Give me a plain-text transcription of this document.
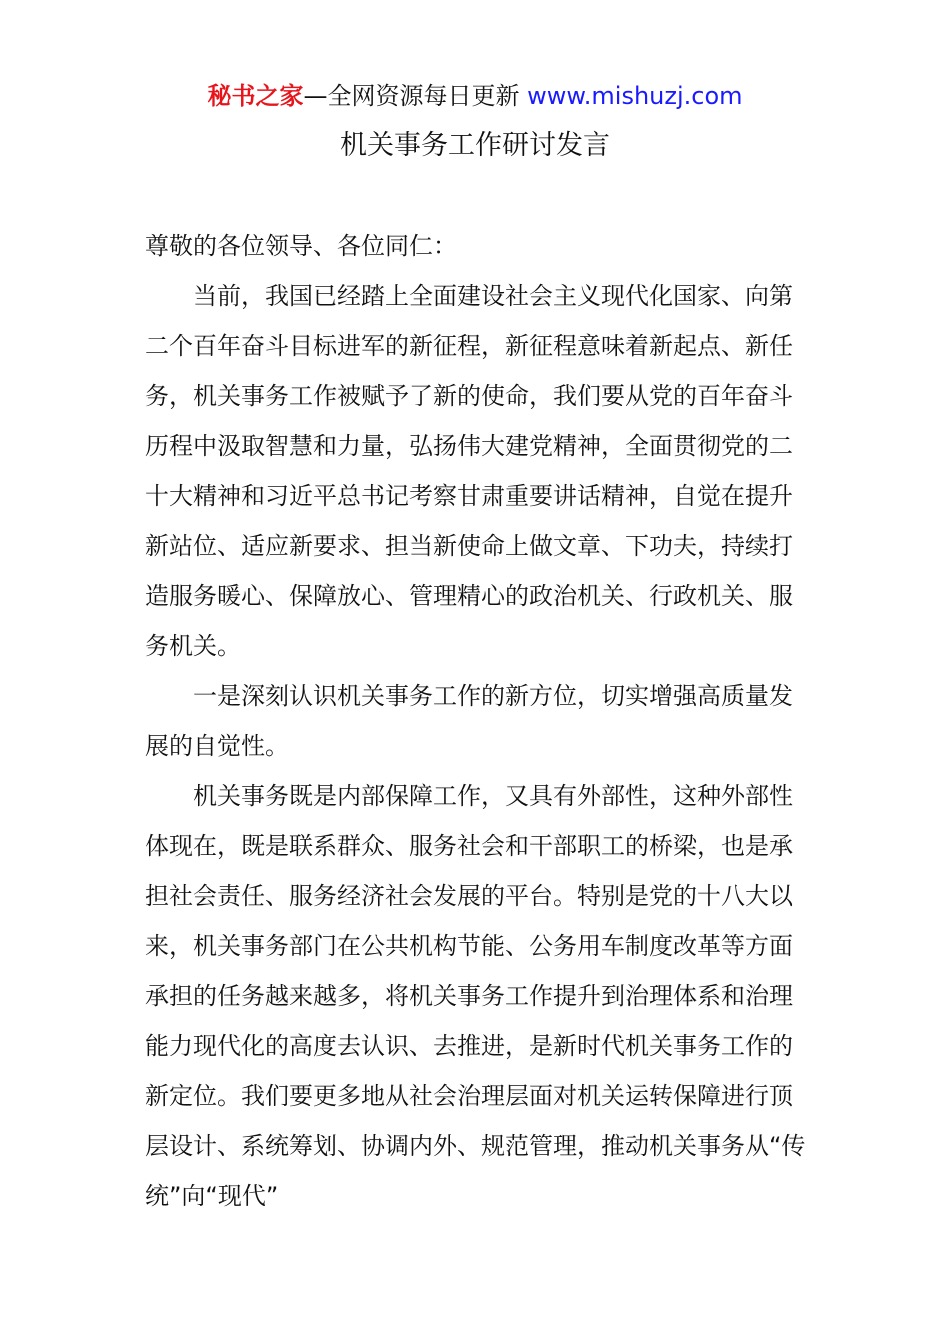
秘书之家—全网资源每日更新 www.mishuzj.com
机关事务工作研讨发言

尊敬的各位领导、各位同仁：

当前，我国已经踏上全面建设社会主义现代化国家、向第二个百年奋斗目标进军的新征程，新征程意味着新起点、新任务，机关事务工作被赋予了新的使命，我们要从党的百年奋斗历程中汲取智慧和力量，弘扬伟大建党精神，全面贯彻党的二十大精神和习近平总书记考察甘肃重要讲话精神，自觉在提升新站位、适应新要求、担当新使命上做文章、下功夫，持续打造服务暖心、保障放心、管理精心的政治机关、行政机关、服务机关。

一是深刻认识机关事务工作的新方位，切实增强高质量发展的自觉性。

机关事务既是内部保障工作，又具有外部性，这种外部性体现在，既是联系群众、服务社会和干部职工的桥梁，也是承担社会责任、服务经济社会发展的平台。特别是党的十八大以来，机关事务部门在公共机构节能、公务用车制度改革等方面承担的任务越来越多，将机关事务工作提升到治理体系和治理能力现代化的高度去认识、去推进，是新时代机关事务工作的新定位。我们要更多地从社会治理层面对机关运转保障进行顶层设计、系统筹划、协调内外、规范管理，推动机关事务从“传统”向“现代”
